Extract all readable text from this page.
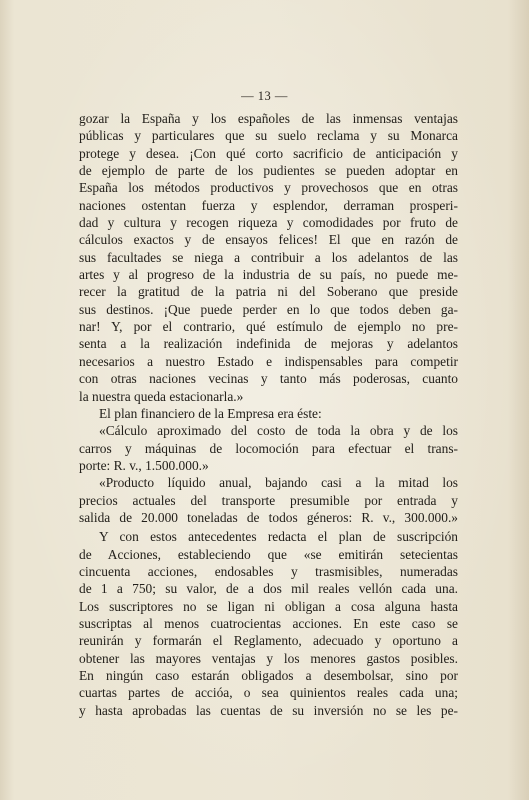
— 13 —
gozar la España y los españoles de las inmensas ventajas
públicas y particulares que su suelo reclama y su Monarca
protege y desea. ¡Con qué corto sacrificio de anticipación y
de ejemplo de parte de los pudientes se pueden adoptar en
España los métodos productivos y provechosos que en otras
naciones ostentan fuerza y esplendor, derraman prosperi-
dad y cultura y recogen riqueza y comodidades por fruto de
cálculos exactos y de ensayos felices! El que en razón de
sus facultades se niega a contribuir a los adelantos de las
artes y al progreso de la industria de su país, no puede me-
recer la gratitud de la patria ni del Soberano que preside
sus destinos. ¡Que puede perder en lo que todos deben ga-
nar! Y, por el contrario, qué estímulo de ejemplo no pre-
senta a la realización indefinida de mejoras y adelantos
necesarios a nuestro Estado e indispensables para competir
con otras naciones vecinas y tanto más poderosas, cuanto
la nuestra queda estacionarla.»
El plan financiero de la Empresa era éste:
«Cálculo aproximado del costo de toda la obra y de los
carros y máquinas de locomoción para efectuar el trans-
porte: R. v., 1.500.000.»
«Producto líquido anual, bajando casi a la mitad los
precios actuales del transporte presumible por entrada y
salida de 20.000 toneladas de todos géneros: R. v., 300.000.»
Y con estos antecedentes redacta el plan de suscripción
de Acciones, estableciendo que «se emitirán setecientas
cincuenta acciones, endosables y trasmisibles, numeradas
de 1 a 750; su valor, de a dos mil reales vellón cada una.
Los suscriptores no se ligan ni obligan a cosa alguna hasta
suscriptas al menos cuatrocientas acciones. En este caso se
reunirán y formarán el Reglamento, adecuado y oportuno a
obtener las mayores ventajas y los menores gastos posibles.
En ningún caso estarán obligados a desembolsar, sino por
cuartas partes de accióa, o sea quinientos reales cada una;
y hasta aprobadas las cuentas de su inversión no se les pe-
